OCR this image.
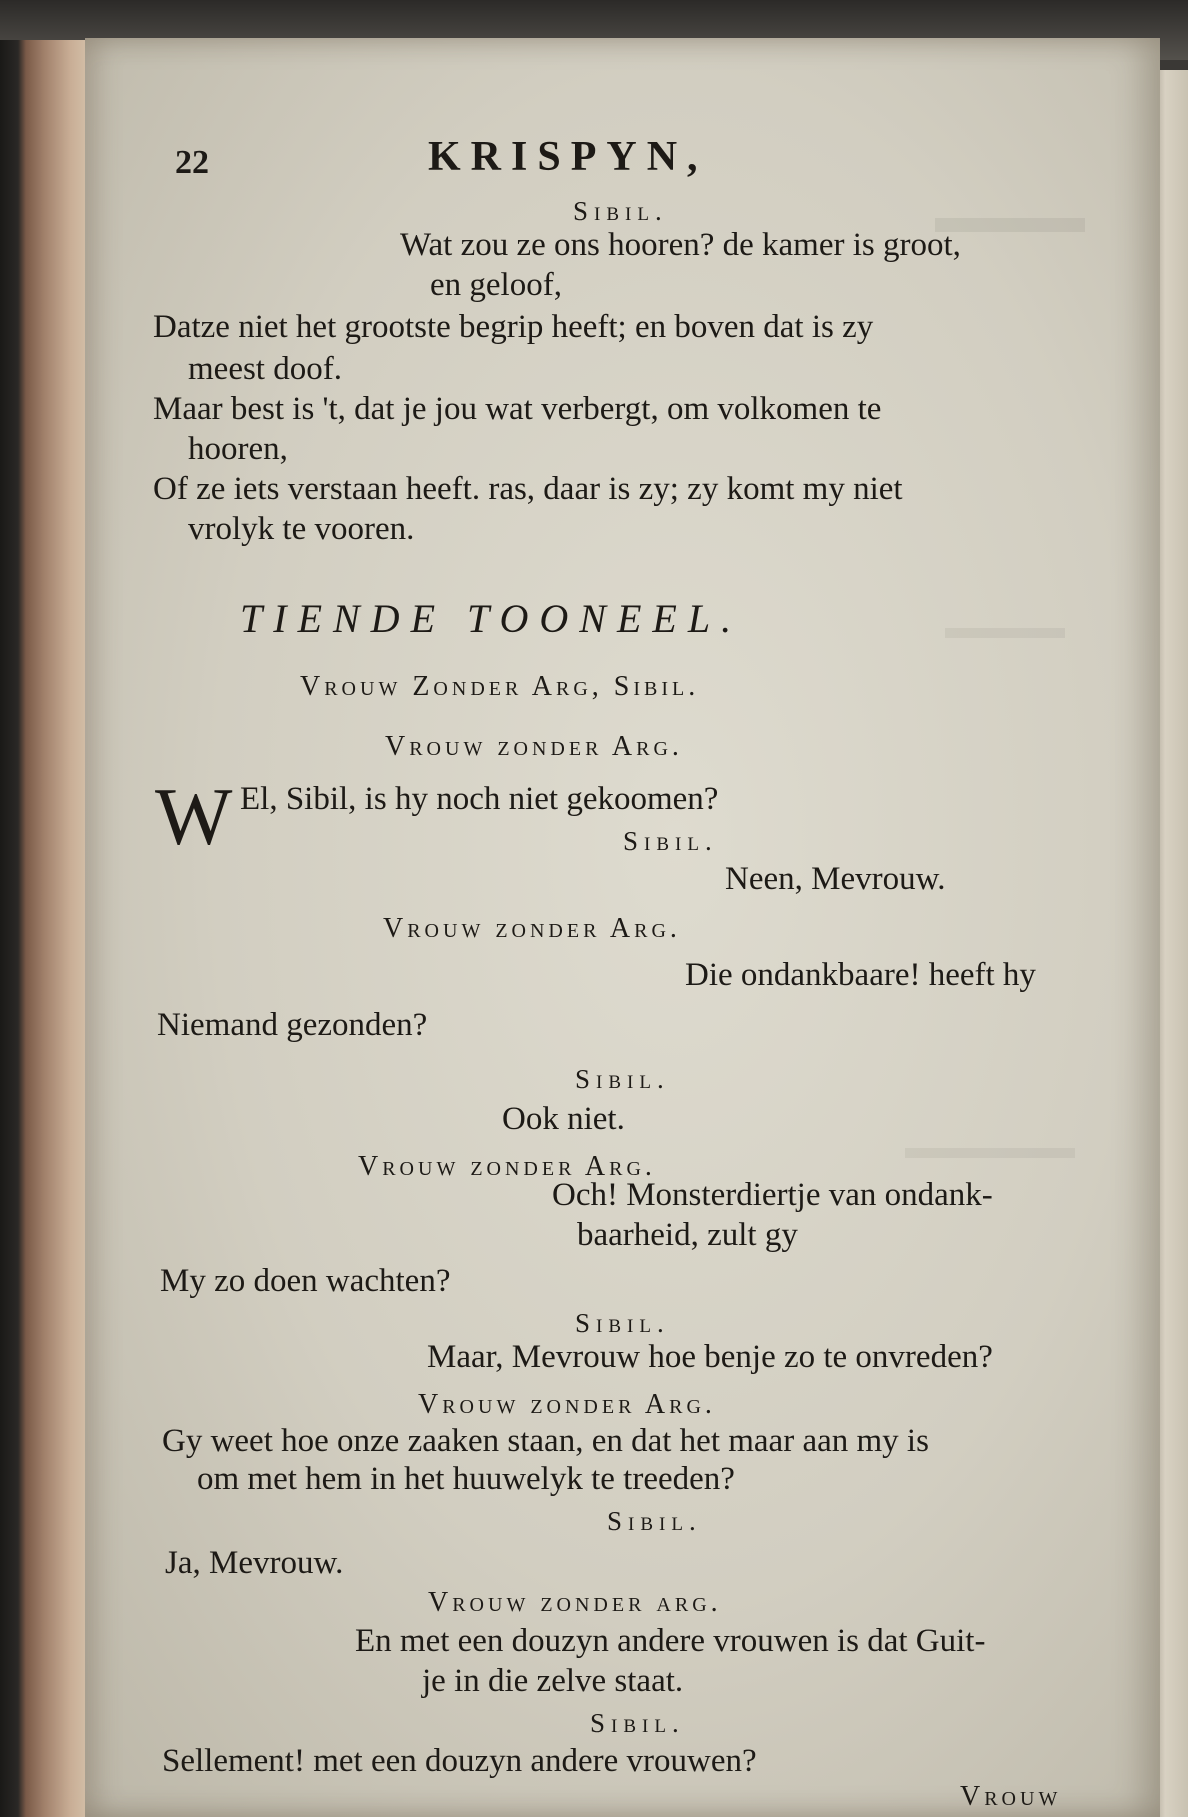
22	KRISPYN,
Sibil.
Wat zou ze ons hooren? de kamer is groot,
en geloof,
Datze niet het grootste begrip heeft; en boven dat is zy
meest doof.
Maar best is 't, dat je jou wat verbergt, om volkomen te
hooren,
Of ze iets verstaan heeft. ras, daar is zy; zy komt my niet
vrolyk te vooren.
TIENDE TOONEEL.
Vrouw Zonder Arg, Sibil.
Vrouw zonder Arg.
W El, Sibil, is hy noch niet gekoomen?
Sibil.
Neen, Mevrouw.
Vrouw zonder Arg.
Die ondankbaare! heeft hy
Niemand gezonden?
Sibil.
Ook niet.
Vrouw zonder Arg.
Och! Monsterdiertje van ondank-
baarheid, zult gy
My zo doen wachten?
Sibil.
Maar, Mevrouw hoe benje zo te onvreden?
Vrouw zonder Arg.
Gy weet hoe onze zaaken staan, en dat het maar aan my is
om met hem in het huuwelyk te treeden?
Sibil.
Ja, Mevrouw.
Vrouw zonder arg.
En met een douzyn andere vrouwen is dat Guit-
je in die zelve staat.
Sibil.
Sellement! met een douzyn andere vrouwen?
Vrouw
